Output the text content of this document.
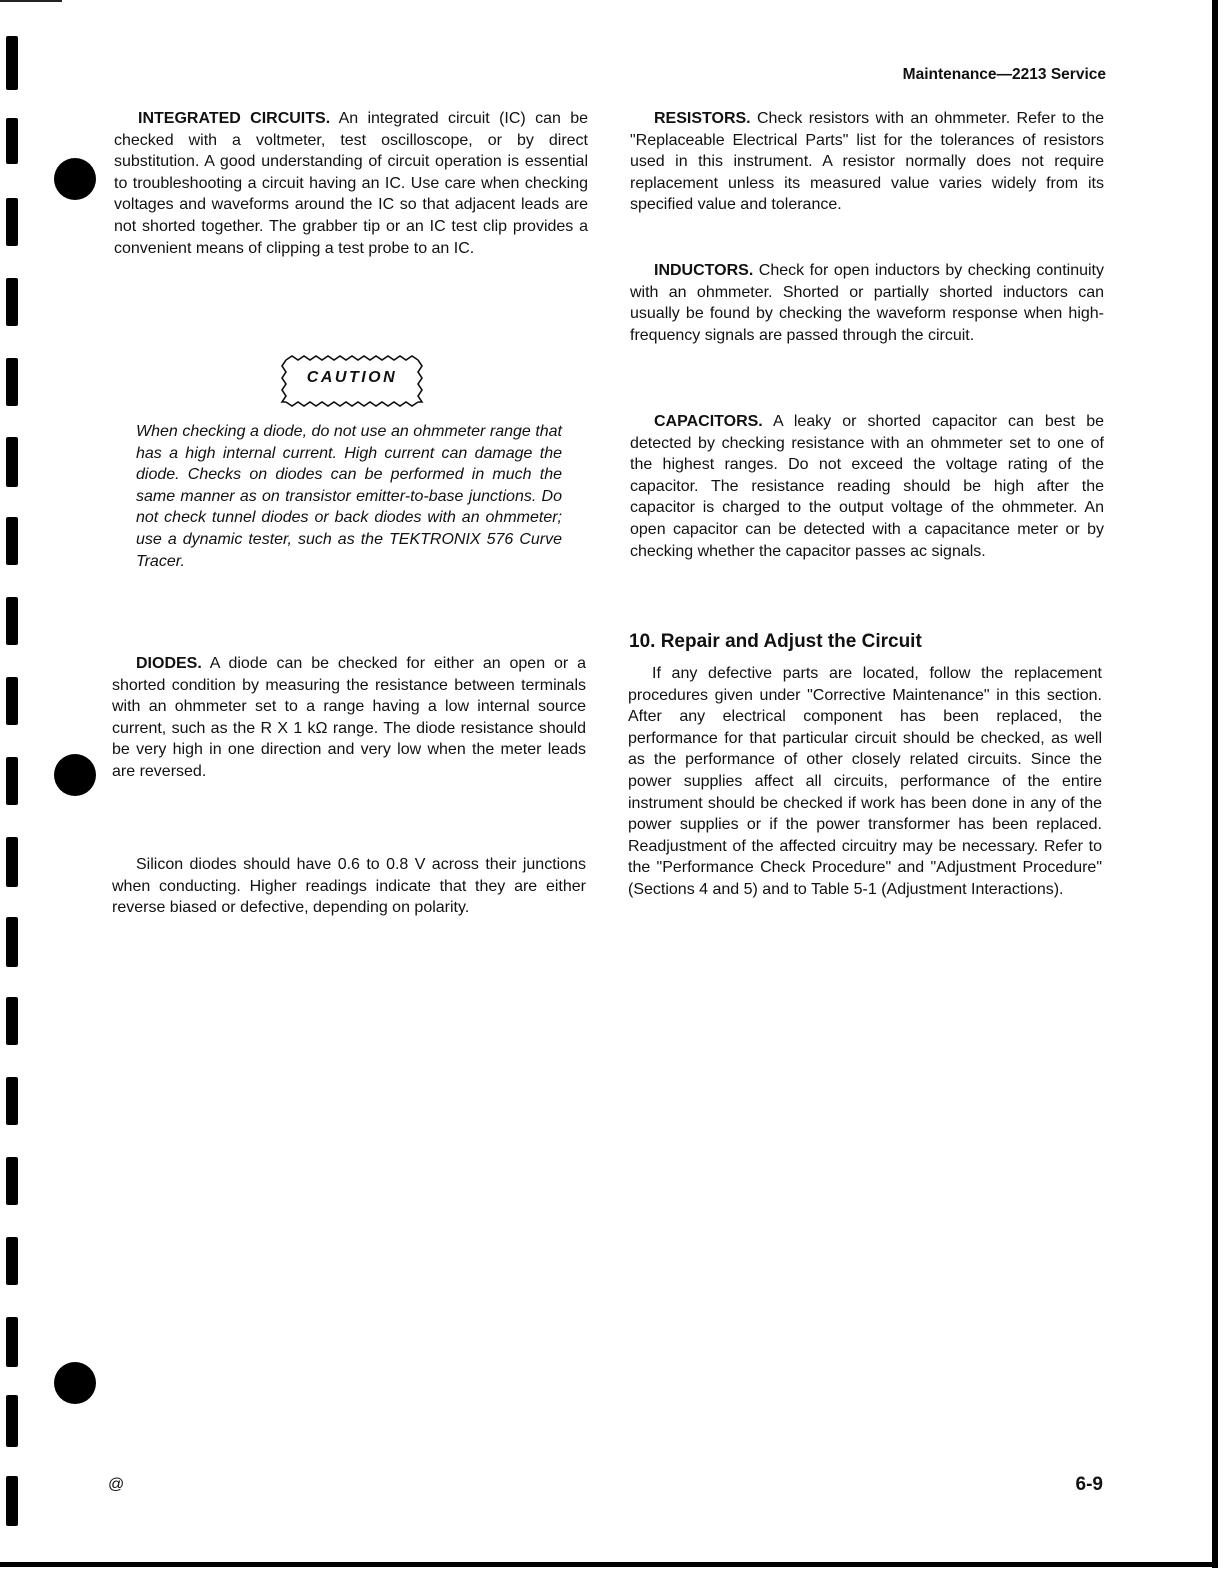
Maintenance—2213 Service

INTEGRATED CIRCUITS. An integrated circuit (IC) can be checked with a voltmeter, test oscilloscope, or by direct substitution. A good understanding of circuit operation is essential to troubleshooting a circuit having an IC. Use care when checking voltages and waveforms around the IC so that adjacent leads are not shorted together. The grabber tip or an IC test clip provides a convenient means of clipping a test probe to an IC.

CAUTION

When checking a diode, do not use an ohmmeter range that has a high internal current. High current can damage the diode. Checks on diodes can be performed in much the same manner as on transistor emitter-to-base junctions. Do not check tunnel diodes or back diodes with an ohmmeter; use a dynamic tester, such as the TEKTRONIX 576 Curve Tracer.

DIODES. A diode can be checked for either an open or a shorted condition by measuring the resistance between terminals with an ohmmeter set to a range having a low internal source current, such as the R X 1 kΩ range. The diode resistance should be very high in one direction and very low when the meter leads are reversed.

Silicon diodes should have 0.6 to 0.8 V across their junctions when conducting. Higher readings indicate that they are either reverse biased or defective, depending on polarity.

RESISTORS. Check resistors with an ohmmeter. Refer to the "Replaceable Electrical Parts" list for the tolerances of resistors used in this instrument. A resistor normally does not require replacement unless its measured value varies widely from its specified value and tolerance.

INDUCTORS. Check for open inductors by checking continuity with an ohmmeter. Shorted or partially shorted inductors can usually be found by checking the waveform response when high-frequency signals are passed through the circuit.

CAPACITORS. A leaky or shorted capacitor can best be detected by checking resistance with an ohmmeter set to one of the highest ranges. Do not exceed the voltage rating of the capacitor. The resistance reading should be high after the capacitor is charged to the output voltage of the ohmmeter. An open capacitor can be detected with a capacitance meter or by checking whether the capacitor passes ac signals.

10. Repair and Adjust the Circuit

If any defective parts are located, follow the replacement procedures given under "Corrective Maintenance" in this section. After any electrical component has been replaced, the performance for that particular circuit should be checked, as well as the performance of other closely related circuits. Since the power supplies affect all circuits, performance of the entire instrument should be checked if work has been done in any of the power supplies or if the power transformer has been replaced. Readjustment of the affected circuitry may be necessary. Refer to the "Performance Check Procedure" and "Adjustment Procedure" (Sections 4 and 5) and to Table 5-1 (Adjustment Interactions).

@	6-9
